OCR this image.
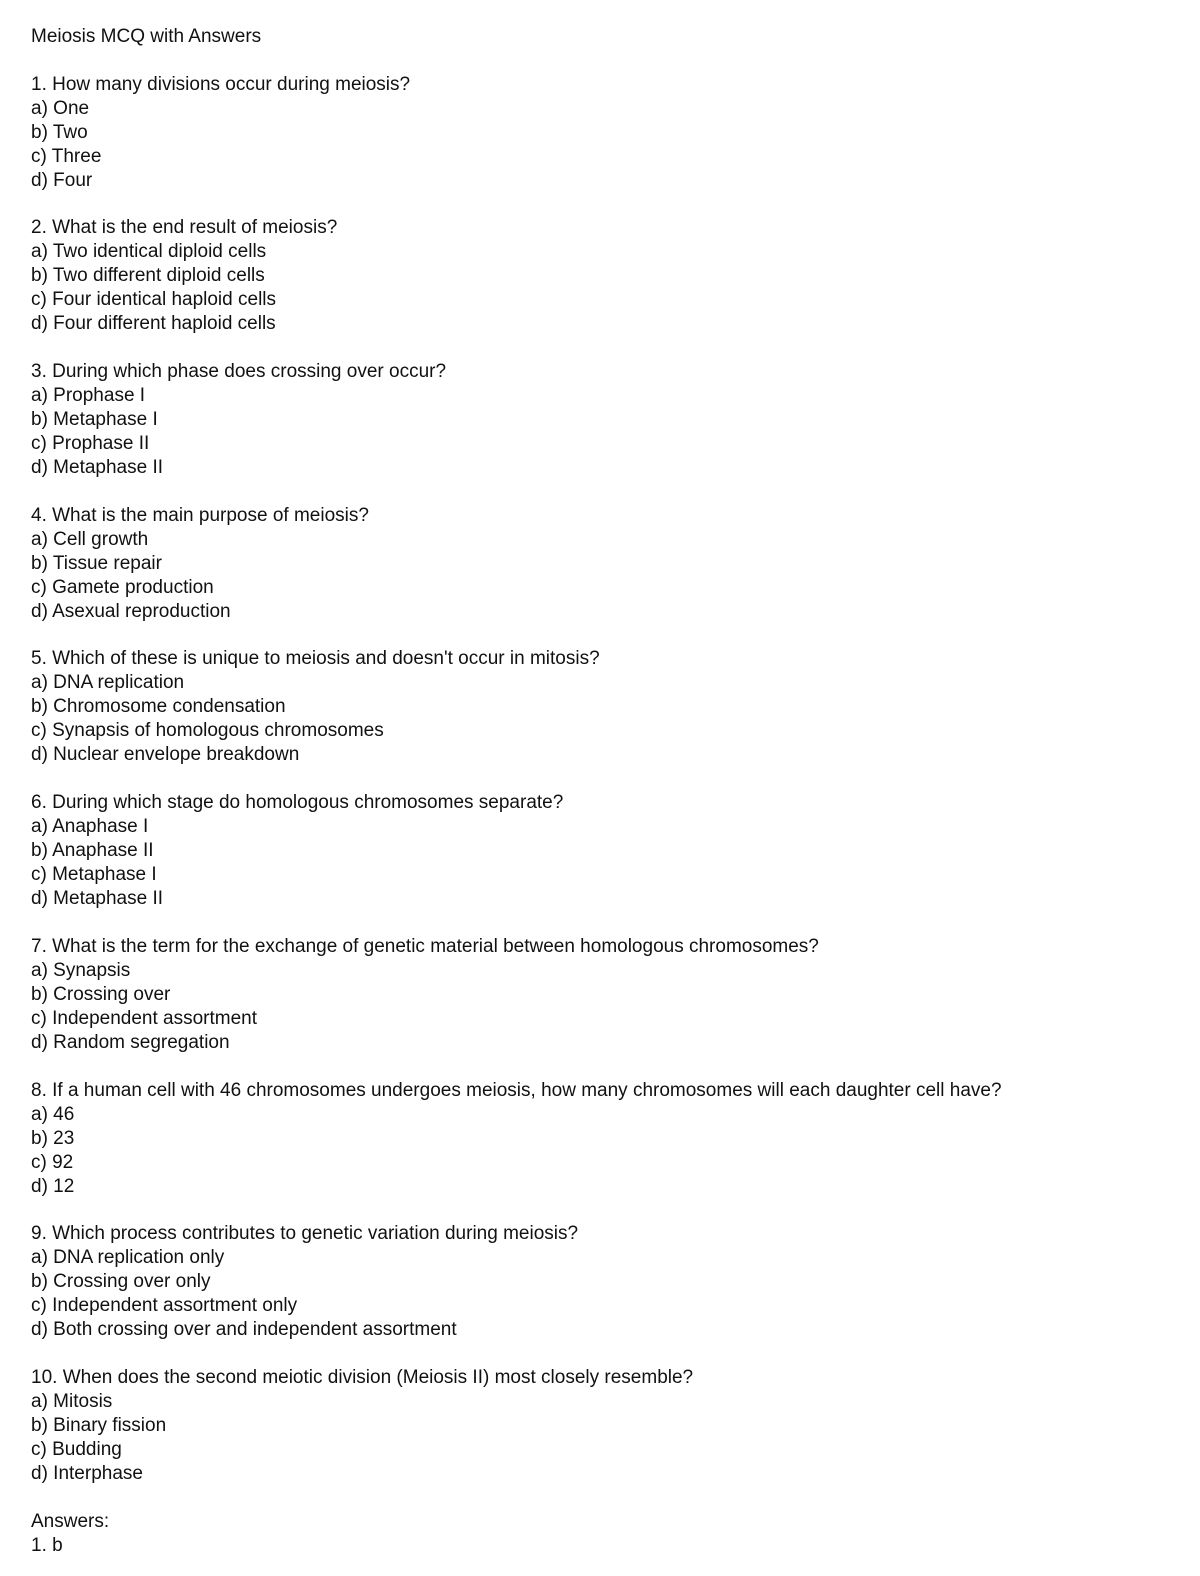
Meiosis MCQ with Answers
1. How many divisions occur during meiosis?
a) One
b) Two
c) Three
d) Four
2. What is the end result of meiosis?
a) Two identical diploid cells
b) Two different diploid cells
c) Four identical haploid cells
d) Four different haploid cells
3. During which phase does crossing over occur?
a) Prophase I
b) Metaphase I
c) Prophase II
d) Metaphase II
4. What is the main purpose of meiosis?
a) Cell growth
b) Tissue repair
c) Gamete production
d) Asexual reproduction
5. Which of these is unique to meiosis and doesn't occur in mitosis?
a) DNA replication
b) Chromosome condensation
c) Synapsis of homologous chromosomes
d) Nuclear envelope breakdown
6. During which stage do homologous chromosomes separate?
a) Anaphase I
b) Anaphase II
c) Metaphase I
d) Metaphase II
7. What is the term for the exchange of genetic material between homologous chromosomes?
a) Synapsis
b) Crossing over
c) Independent assortment
d) Random segregation
8. If a human cell with 46 chromosomes undergoes meiosis, how many chromosomes will each daughter cell have?
a) 46
b) 23
c) 92
d) 12
9. Which process contributes to genetic variation during meiosis?
a) DNA replication only
b) Crossing over only
c) Independent assortment only
d) Both crossing over and independent assortment
10. When does the second meiotic division (Meiosis II) most closely resemble?
a) Mitosis
b) Binary fission
c) Budding
d) Interphase
Answers:
1. b
